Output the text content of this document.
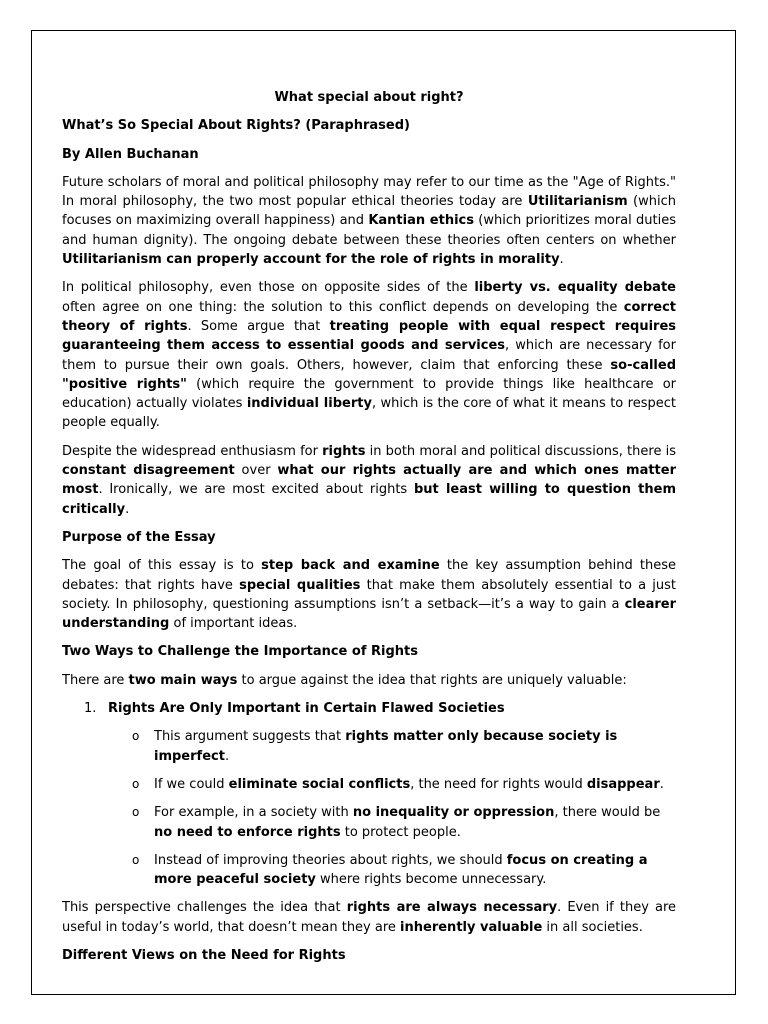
What special about right?
What’s So Special About Rights? (Paraphrased)
By Allen Buchanan

Future scholars of moral and political philosophy may refer to our time as the "Age of Rights." In moral philosophy, the two most popular ethical theories today are Utilitarianism (which focuses on maximizing overall happiness) and Kantian ethics (which prioritizes moral duties and human dignity). The ongoing debate between these theories often centers on whether Utilitarianism can properly account for the role of rights in morality.

In political philosophy, even those on opposite sides of the liberty vs. equality debate often agree on one thing: the solution to this conflict depends on developing the correct theory of rights. Some argue that treating people with equal respect requires guaranteeing them access to essential goods and services, which are necessary for them to pursue their own goals. Others, however, claim that enforcing these so-called "positive rights" (which require the government to provide things like healthcare or education) actually violates individual liberty, which is the core of what it means to respect people equally.

Despite the widespread enthusiasm for rights in both moral and political discussions, there is constant disagreement over what our rights actually are and which ones matter most. Ironically, we are most excited about rights but least willing to question them critically.

Purpose of the Essay

The goal of this essay is to step back and examine the key assumption behind these debates: that rights have special qualities that make them absolutely essential to a just society. In philosophy, questioning assumptions isn’t a setback—it’s a way to gain a clearer understanding of important ideas.

Two Ways to Challenge the Importance of Rights

There are two main ways to argue against the idea that rights are uniquely valuable:

1. Rights Are Only Important in Certain Flawed Societies
o This argument suggests that rights matter only because society is imperfect.
o If we could eliminate social conflicts, the need for rights would disappear.
o For example, in a society with no inequality or oppression, there would be no need to enforce rights to protect people.
o Instead of improving theories about rights, we should focus on creating a more peaceful society where rights become unnecessary.

This perspective challenges the idea that rights are always necessary. Even if they are useful in today’s world, that doesn’t mean they are inherently valuable in all societies.

Different Views on the Need for Rights
